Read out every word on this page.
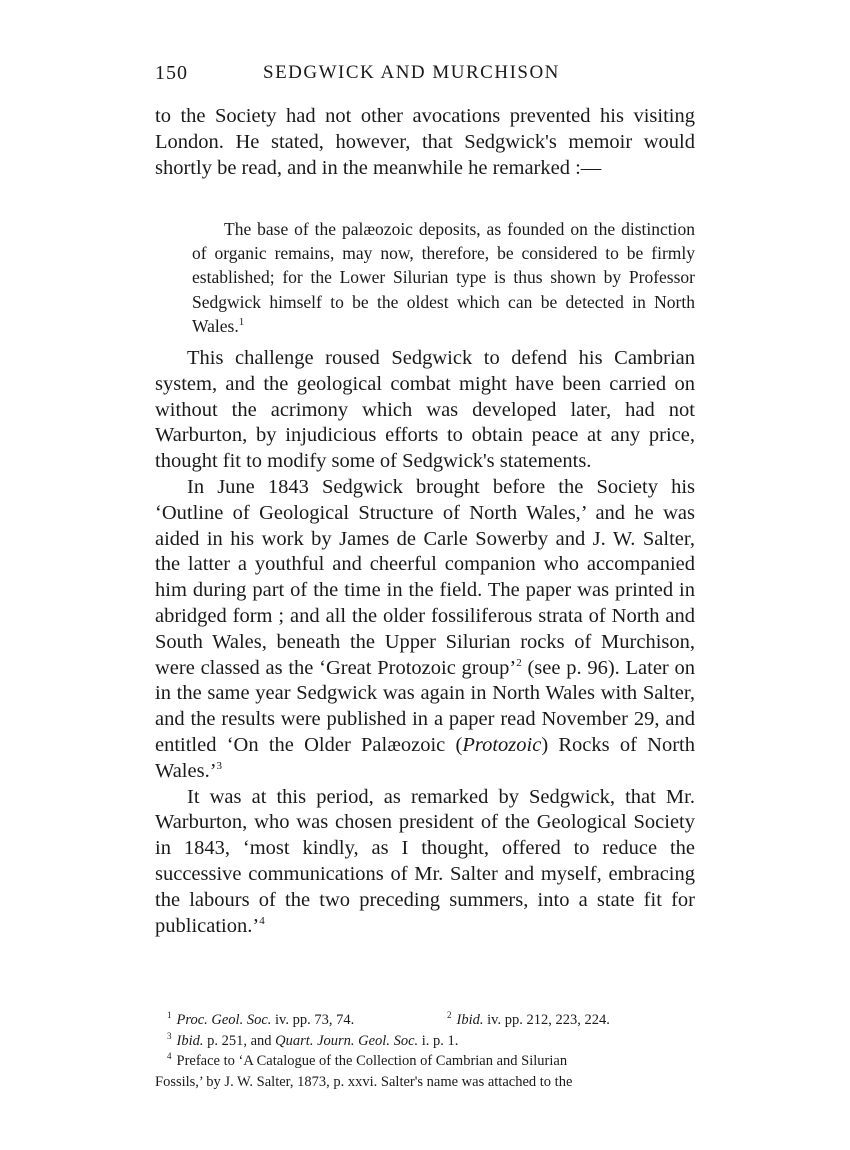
150	SEDGWICK AND MURCHISON

to the Society had not other avocations prevented his visiting London. He stated, however, that Sedgwick's memoir would shortly be read, and in the meanwhile he remarked :—

The base of the palæozoic deposits, as founded on the distinction of organic remains, may now, therefore, be considered to be firmly established; for the Lower Silurian type is thus shown by Professor Sedgwick himself to be the oldest which can be detected in North Wales.$^1$

This challenge roused Sedgwick to defend his Cambrian system, and the geological combat might have been carried on without the acrimony which was developed later, had not Warburton, by injudicious efforts to obtain peace at any price, thought fit to modify some of Sedgwick's statements.

In June 1843 Sedgwick brought before the Society his ‘Outline of Geological Structure of North Wales,’ and he was aided in his work by James de Carle Sowerby and J. W. Salter, the latter a youthful and cheerful companion who accompanied him during part of the time in the field. The paper was printed in abridged form ; and all the older fossiliferous strata of North and South Wales, beneath the Upper Silurian rocks of Murchison, were classed as the ‘Great Protozoic group’$^2$ (see p. 96). Later on in the same year Sedgwick was again in North Wales with Salter, and the results were published in a paper read November 29, and entitled ‘On the Older Palæozoic (Protozoic) Rocks of North Wales.’$^3$

It was at this period, as remarked by Sedgwick, that Mr. Warburton, who was chosen president of the Geological Society in 1843, ‘most kindly, as I thought, offered to reduce the successive communications of Mr. Salter and myself, embracing the labours of the two preceding summers, into a state fit for publication.’$^4$

$^1$ Proc. Geol. Soc. iv. pp. 73, 74.	$^2$ Ibid. iv. pp. 212, 223, 224.
$^3$ Ibid. p. 251, and Quart. Journ. Geol. Soc. i. p. 1.
$^4$ Preface to ‘A Catalogue of the Collection of Cambrian and Silurian
Fossils,’ by J. W. Salter, 1873, p. xxvi. Salter's name was attached to the
